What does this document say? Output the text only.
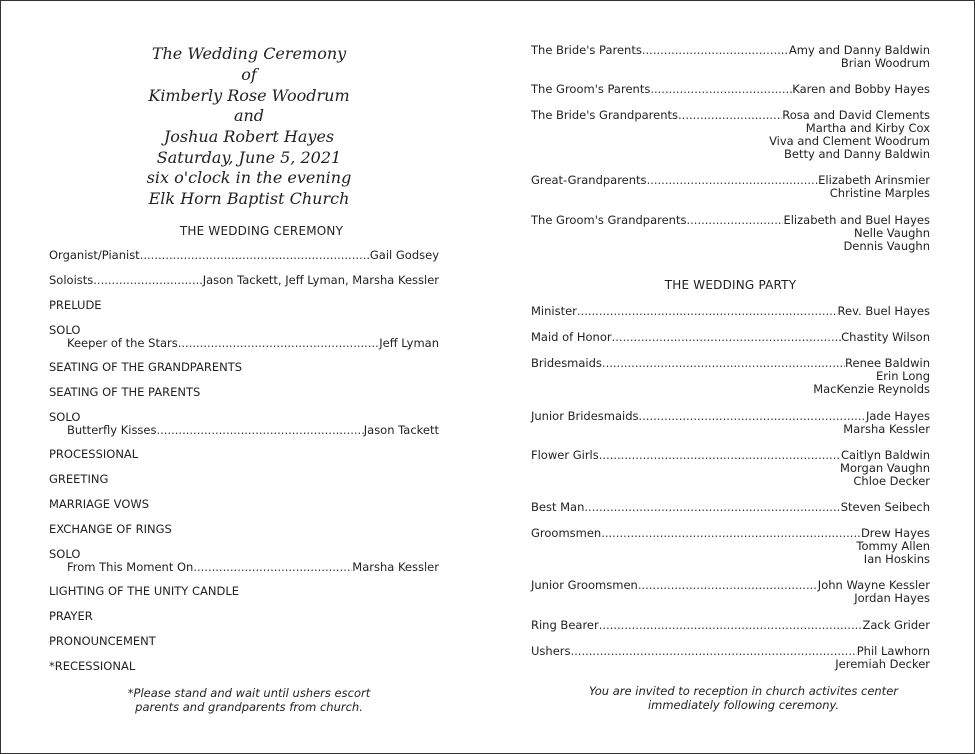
The Wedding Ceremony
of
Kimberly Rose Woodrum
and
Joshua Robert Hayes
Saturday, June 5, 2021
six o'clock in the evening
Elk Horn Baptist Church
THE WEDDING CEREMONY
Organist/Pianist .....	Gail Godsey
Soloists .....	Jason Tackett, Jeff Lyman, Marsha Kessler
PRELUDE
SOLO
Keeper of the Stars .....	Jeff Lyman
SEATING OF THE GRANDPARENTS
SEATING OF THE PARENTS
SOLO
Butterfly Kisses .....	Jason Tackett
PROCESSIONAL
GREETING
MARRIAGE VOWS
EXCHANGE OF RINGS
SOLO
From This Moment On .....	Marsha Kessler
LIGHTING OF THE UNITY CANDLE
PRAYER
PRONOUNCEMENT
*RECESSIONAL
*Please stand and wait until ushers escort
parents and grandparents from church.
The Bride's Parents .....	Amy and Danny Baldwin
Brian Woodrum
The Groom's Parents .....	Karen and Bobby Hayes
The Bride's Grandparents .....	Rosa and David Clements
Martha and Kirby Cox
Viva and Clement Woodrum
Betty and Danny Baldwin
Great-Grandparents .....	Elizabeth Arinsmier
Christine Marples
The Groom's Grandparents .....	Elizabeth and Buel Hayes
Nelle Vaughn
Dennis Vaughn
THE WEDDING PARTY
Minister .....	Rev. Buel Hayes
Maid of Honor .....	Chastity Wilson
Bridesmaids .....	Renee Baldwin
Erin Long
MacKenzie Reynolds
Junior Bridesmaids .....	Jade Hayes
Marsha Kessler
Flower Girls .....	Caitlyn Baldwin
Morgan Vaughn
Chloe Decker
Best Man .....	Steven Seibech
Groomsmen .....	Drew Hayes
Tommy Allen
Ian Hoskins
Junior Groomsmen .....	John Wayne Kessler
Jordan Hayes
Ring Bearer .....	Zack Grider
Ushers .....	Phil Lawhorn
Jeremiah Decker
You are invited to reception in church activites center
immediately following ceremony.
